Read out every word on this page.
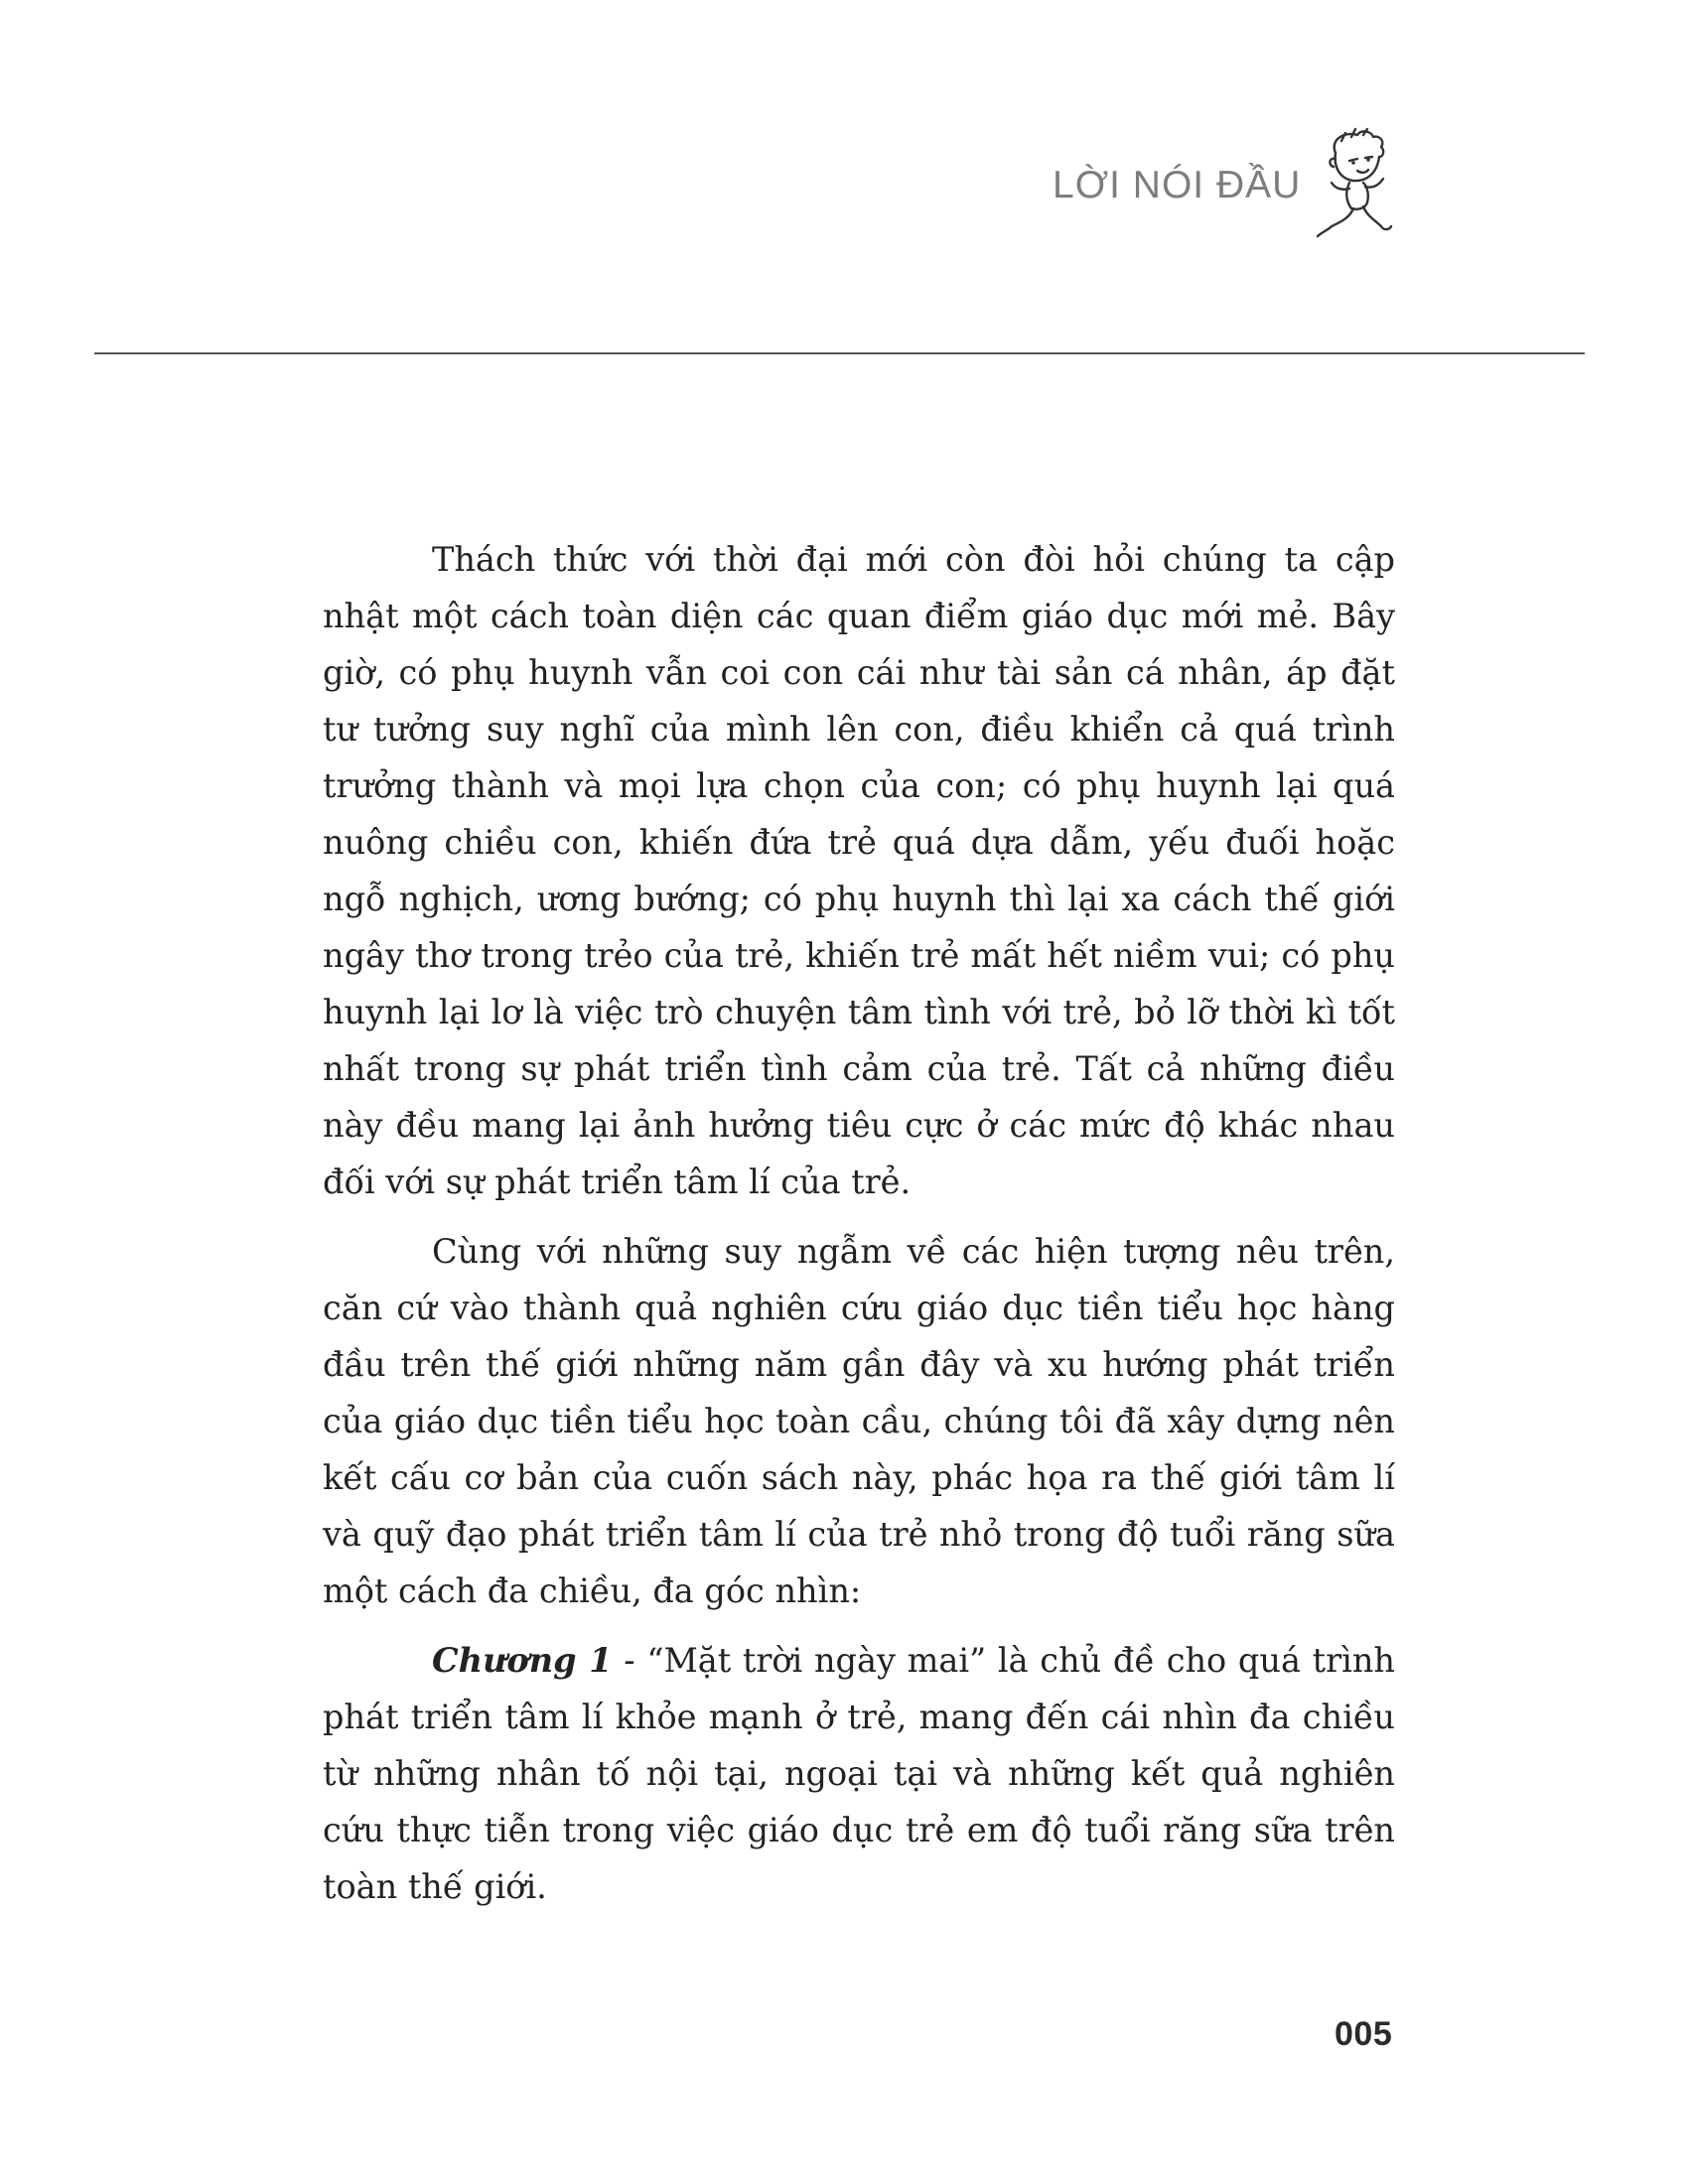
LỜI NÓI ĐẦU

Thách thức với thời đại mới còn đòi hỏi chúng ta cập nhật một cách toàn diện các quan điểm giáo dục mới mẻ. Bây giờ, có phụ huynh vẫn coi con cái như tài sản cá nhân, áp đặt tư tưởng suy nghĩ của mình lên con, điều khiển cả quá trình trưởng thành và mọi lựa chọn của con; có phụ huynh lại quá nuông chiều con, khiến đứa trẻ quá dựa dẫm, yếu đuối hoặc ngỗ nghịch, ương bướng; có phụ huynh thì lại xa cách thế giới ngây thơ trong trẻo của trẻ, khiến trẻ mất hết niềm vui; có phụ huynh lại lơ là việc trò chuyện tâm tình với trẻ, bỏ lỡ thời kì tốt nhất trong sự phát triển tình cảm của trẻ. Tất cả những điều này đều mang lại ảnh hưởng tiêu cực ở các mức độ khác nhau đối với sự phát triển tâm lí của trẻ.

Cùng với những suy ngẫm về các hiện tượng nêu trên, căn cứ vào thành quả nghiên cứu giáo dục tiền tiểu học hàng đầu trên thế giới những năm gần đây và xu hướng phát triển của giáo dục tiền tiểu học toàn cầu, chúng tôi đã xây dựng nên kết cấu cơ bản của cuốn sách này, phác họa ra thế giới tâm lí và quỹ đạo phát triển tâm lí của trẻ nhỏ trong độ tuổi răng sữa một cách đa chiều, đa góc nhìn:

Chương 1 - “Mặt trời ngày mai” là chủ đề cho quá trình phát triển tâm lí khỏe mạnh ở trẻ, mang đến cái nhìn đa chiều từ những nhân tố nội tại, ngoại tại và những kết quả nghiên cứu thực tiễn trong việc giáo dục trẻ em độ tuổi răng sữa trên toàn thế giới.

005
